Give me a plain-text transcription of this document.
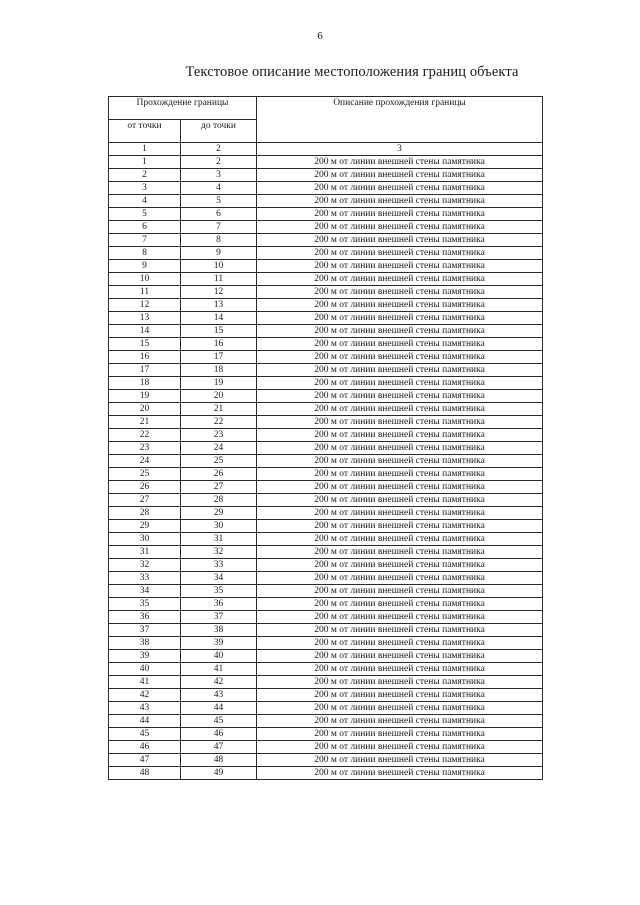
6
Текстовое описание местоположения границ объекта
Прохождение границы		Описание прохождения границы
от точки	до точки	
1	2	3
1	2	200 м от линии внешней стены памятника
2	3	200 м от линии внешней стены памятника
3	4	200 м от линии внешней стены памятника
4	5	200 м от линии внешней стены памятника
5	6	200 м от линии внешней стены памятника
6	7	200 м от линии внешней стены памятника
7	8	200 м от линии внешней стены памятника
8	9	200 м от линии внешней стены памятника
9	10	200 м от линии внешней стены памятника
10	11	200 м от линии внешней стены памятника
11	12	200 м от линии внешней стены памятника
12	13	200 м от линии внешней стены памятника
13	14	200 м от линии внешней стены памятника
14	15	200 м от линии внешней стены памятника
15	16	200 м от линии внешней стены памятника
16	17	200 м от линии внешней стены памятника
17	18	200 м от линии внешней стены памятника
18	19	200 м от линии внешней стены памятника
19	20	200 м от линии внешней стены памятника
20	21	200 м от линии внешней стены памятника
21	22	200 м от линии внешней стены памятника
22	23	200 м от линии внешней стены памятника
23	24	200 м от линии внешней стены памятника
24	25	200 м от линии внешней стены памятника
25	26	200 м от линии внешней стены памятника
26	27	200 м от линии внешней стены памятника
27	28	200 м от линии внешней стены памятника
28	29	200 м от линии внешней стены памятника
29	30	200 м от линии внешней стены памятника
30	31	200 м от линии внешней стены памятника
31	32	200 м от линии внешней стены памятника
32	33	200 м от линии внешней стены памятника
33	34	200 м от линии внешней стены памятника
34	35	200 м от линии внешней стены памятника
35	36	200 м от линии внешней стены памятника
36	37	200 м от линии внешней стены памятника
37	38	200 м от линии внешней стены памятника
38	39	200 м от линии внешней стены памятника
39	40	200 м от линии внешней стены памятника
40	41	200 м от линии внешней стены памятника
41	42	200 м от линии внешней стены памятника
42	43	200 м от линии внешней стены памятника
43	44	200 м от линии внешней стены памятника
44	45	200 м от линии внешней стены памятника
45	46	200 м от линии внешней стены памятника
46	47	200 м от линии внешней стены памятника
47	48	200 м от линии внешней стены памятника
48	49	200 м от линии внешней стены памятника
